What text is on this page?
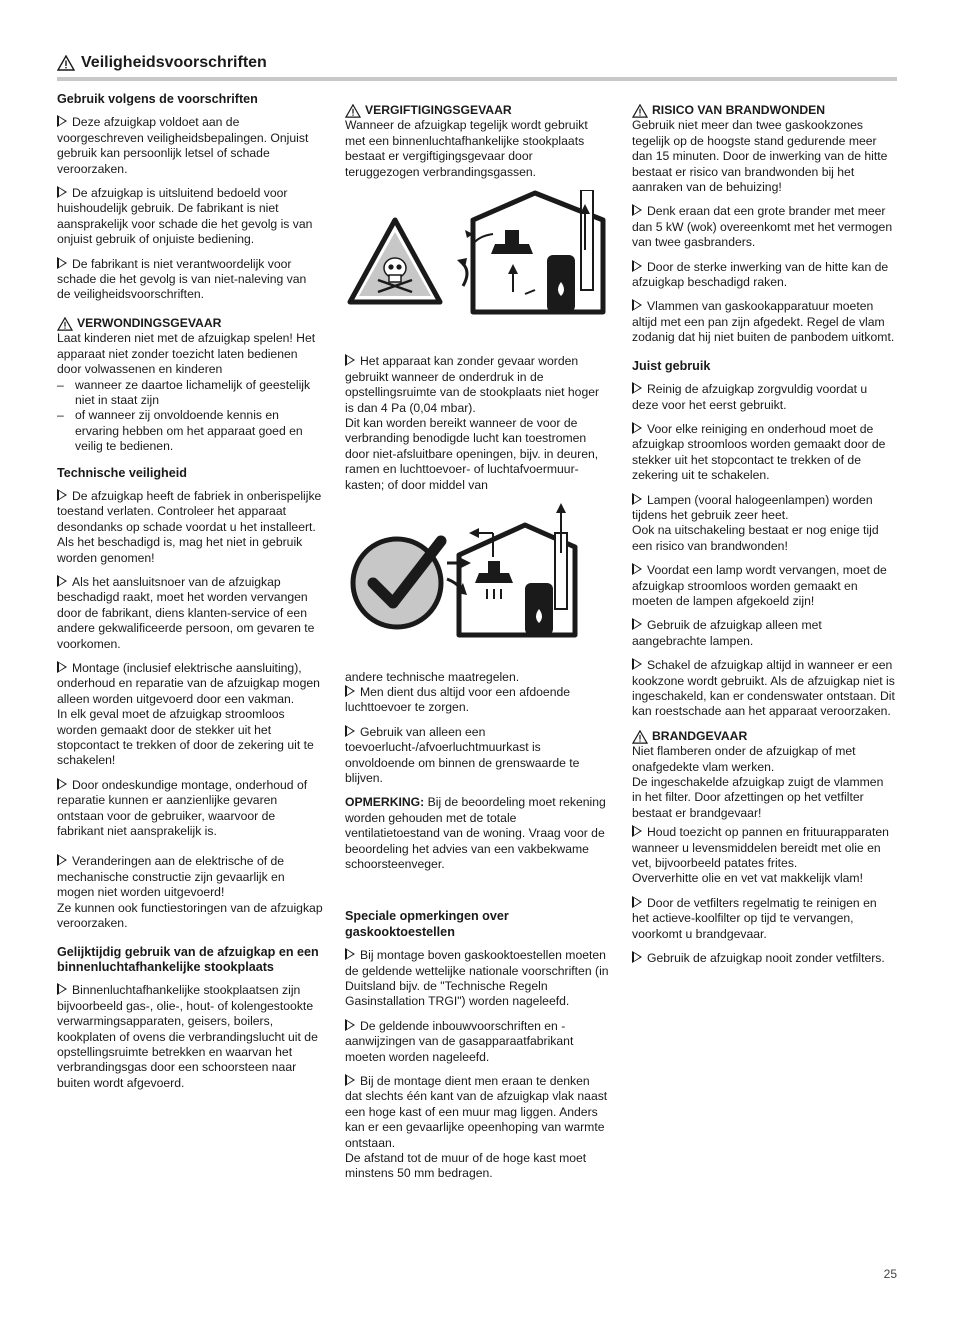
Veiligheidsvoorschriften
Gebruik volgens de voorschriften

Deze afzuigkap voldoet aan de voorgeschreven veiligheidsbepalingen. Onjuist gebruik kan persoonlijk letsel of schade veroorzaken.

De afzuigkap is uitsluitend bedoeld voor huishoudelijk gebruik. De fabrikant is niet aansprakelijk voor schade die het gevolg is van onjuist gebruik of onjuiste bediening.

De fabrikant is niet verantwoordelijk voor schade die het gevolg is van niet-naleving van de veiligheidsvoorschriften.

VERWONDINGSGEVAAR

Laat kinderen niet met de afzuigkap spelen! Het apparaat niet zonder toezicht laten bedienen door volwassenen en kinderen

– wanneer ze daartoe lichamelijk of geestelijk niet in staat zijn
– of wanneer zij onvoldoende kennis en ervaring hebben om het apparaat goed en veilig te bedienen.
Technische veiligheid

De afzuigkap heeft de fabriek in onberispelijke toestand verlaten. Controleer het apparaat desondanks op schade voordat u het installeert. Als het beschadigd is, mag het niet in gebruik worden genomen!

Als het aansluitsnoer van de afzuigkap beschadigd raakt, moet het worden vervangen door de fabrikant, diens klanten-service of een andere gekwalificeerde persoon, om gevaren te voorkomen.

Montage (inclusief elektrische aansluiting), onderhoud en reparatie van de afzuigkap mogen alleen worden uitgevoerd door een vakman.

In elk geval moet de afzuigkap stroomloos worden gemaakt door de stekker uit het stopcontact te trekken of door de zekering uit te schakelen!

Door ondeskundige montage, onderhoud of reparatie kunnen er aanzienlijke gevaren ontstaan voor de gebruiker, waarvoor de fabrikant niet aansprakelijk is.

Veranderingen aan de elektrische of de mechanische constructie zijn gevaarlijk en mogen niet worden uitgevoerd!

Ze kunnen ook functiestoringen van de afzuigkap veroorzaken.

Gelijktijdig gebruik van de afzuigkap en een binnenluchtafhankelijke stookplaats

Binnenluchtafhankelijke stookplaatsen zijn bijvoorbeeld gas-, olie-, hout- of kolengestookte verwarmingsapparaten, geisers, boilers, kookplaten of ovens die verbrandingslucht uit de opstellingsruimte betrekken en waarvan het verbrandingsgas door een schoorsteen naar buiten wordt afgevoerd.

VERGIFTIGINGSGEVAAR

Wanneer de afzuigkap tegelijk wordt gebruikt met een binnenluchtafhankelijke stookplaats bestaat er vergiftigingsgevaar door teruggezogen verbrandingsgassen.

Het apparaat kan zonder gevaar worden gebruikt wanneer de onderdruk in de opstellingsruimte van de stookplaats niet hoger is dan 4 Pa (0,04 mbar).

Dit kan worden bereikt wanneer de voor de verbranding benodigde lucht kan toestromen door niet-afsluitbare openingen, bijv. in deuren, ramen en luchttoevoer- of luchtafvoermuur-kasten; of door middel van

andere technische maatregelen.

Men dient dus altijd voor een afdoende luchttoevoer te zorgen.

Gebruik van alleen een toevoerlucht-/afvoerluchtmuurkast is onvoldoende om binnen de grenswaarde te blijven.

OPMERKING: Bij de beoordeling moet rekening worden gehouden met de totale ventilatietoestand van de woning. Vraag voor de beoordeling het advies van een vakbekwame schoorsteenveger.

Speciale opmerkingen over gaskooktoestellen

Bij montage boven gaskooktoestellen moeten de geldende wettelijke nationale voorschriften (in Duitsland bijv. de "Technische Regeln Gasinstallation TRGI") worden nageleefd.

De geldende inbouwvoorschriften en -aanwijzingen van de gasapparaatfabrikant moeten worden nageleefd.

Bij de montage dient men eraan te denken dat slechts één kant van de afzuigkap vlak naast een hoge kast of een muur mag liggen. Anders kan er een gevaarlijke opeenhoping van warmte ontstaan.

De afstand tot de muur of de hoge kast moet minstens 50 mm bedragen.

RISICO VAN BRANDWONDEN

Gebruik niet meer dan twee gaskookzones tegelijk op de hoogste stand gedurende meer dan 15 minuten. Door de inwerking van de hitte bestaat er risico van brandwonden bij het aanraken van de behuizing!

Denk eraan dat een grote brander met meer dan 5 kW (wok) overeenkomt met het vermogen van twee gasbranders.

Door de sterke inwerking van de hitte kan de afzuigkap beschadigd raken.

Vlammen van gaskookapparatuur moeten altijd met een pan zijn afgedekt. Regel de vlam zodanig dat hij niet buiten de panbodem uitkomt.

Juist gebruik

Reinig de afzuigkap zorgvuldig voordat u deze voor het eerst gebruikt.

Voor elke reiniging en onderhoud moet de afzuigkap stroomloos worden gemaakt door de stekker uit het stopcontact te trekken of de zekering uit te schakelen.

Lampen (vooral halogeenlampen) worden tijdens het gebruik zeer heet.

Ook na uitschakeling bestaat er nog enige tijd een risico van brandwonden!

Voordat een lamp wordt vervangen, moet de afzuigkap stroomloos worden gemaakt en moeten de lampen afgekoeld zijn!

Gebruik de afzuigkap alleen met aangebrachte lampen.

Schakel de afzuigkap altijd in wanneer er een kookzone wordt gebruikt. Als de afzuigkap niet is ingeschakeld, kan er condenswater ontstaan. Dit kan roestschade aan het apparaat veroorzaken.

BRANDGEVAAR

Niet flamberen onder de afzuigkap of met onafgedekte vlam werken.

De ingeschakelde afzuigkap zuigt de vlammen in het filter. Door afzettingen op het vetfilter bestaat er brandgevaar!

Houd toezicht op pannen en frituurapparaten wanneer u levensmiddelen bereidt met olie en vet, bijvoorbeeld patates frites.

Oververhitte olie en vet vat makkelijk vlam!

Door de vetfilters regelmatig te reinigen en het actieve-koolfilter op tijd te vervangen, voorkomt u brandgevaar.

Gebruik de afzuigkap nooit zonder vetfilters.

25
